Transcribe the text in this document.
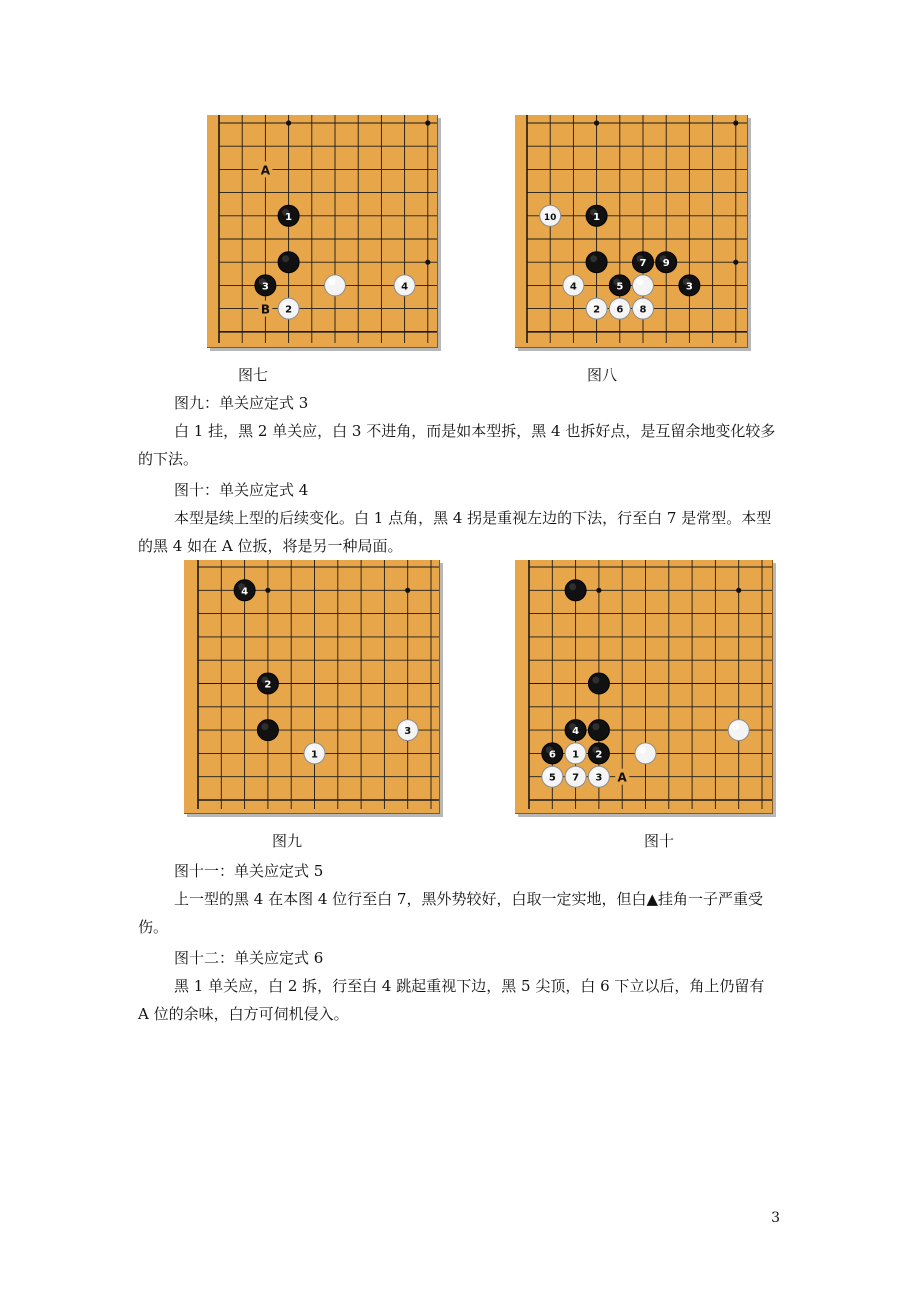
A
B
1
3
2
4
10	1
7 9
4	5	3
2 6 8
4
2
3
1
A
4
6 1 2
5 7 3
图七	图八
图九：单关应定式 3
白 1 挂，黑 2 单关应，白 3 不进角，而是如本型拆，黑 4 也拆好点，是互留余地变化较多的下法。
图十：单关应定式 4
本型是续上型的后续变化。白 1 点角，黑 4 拐是重视左边的下法，行至白 7 是常型。本型的黑 4 如在 A 位扳，将是另一种局面。
图九	图十
图十一：单关应定式 5
上一型的黑 4 在本图 4 位行至白 7，黑外势较好，白取一定实地，但白▲挂角一子严重受伤。
图十二：单关应定式 6
黑 1 单关应，白 2 拆，行至白 4 跳起重视下边，黑 5 尖顶，白 6 下立以后，角上仍留有 A 位的余味，白方可伺机侵入。
3
